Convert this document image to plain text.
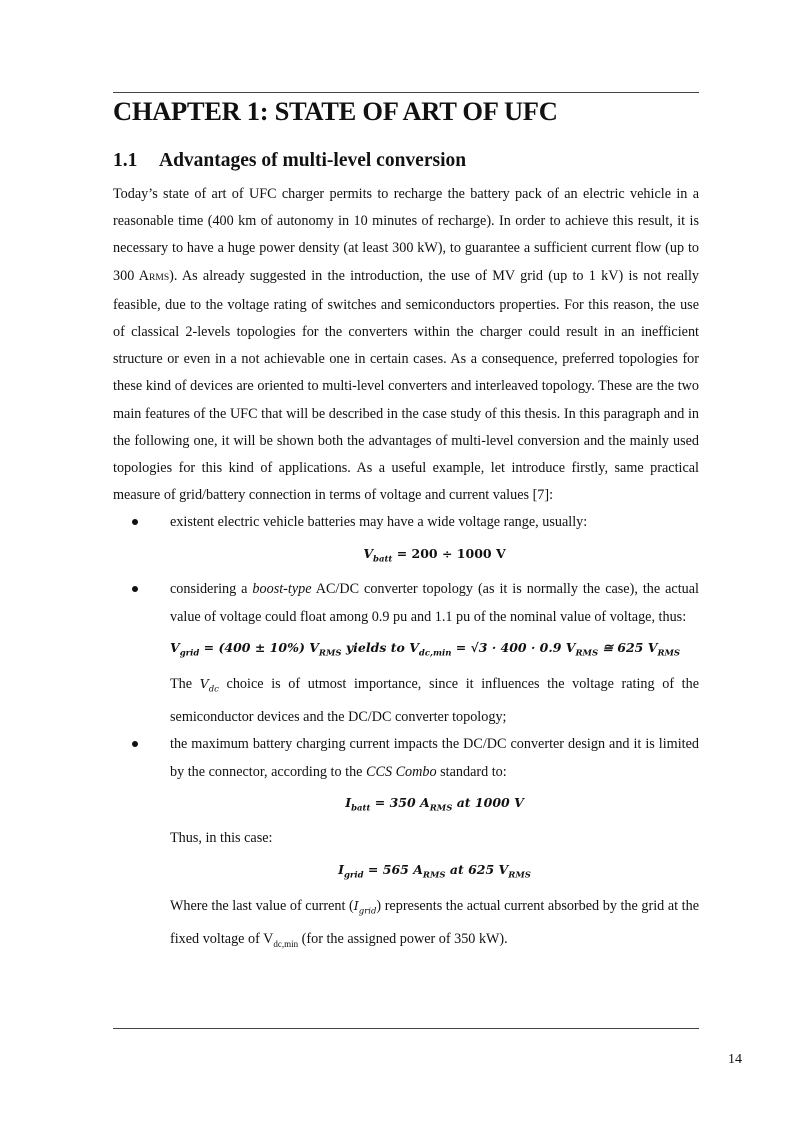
CHAPTER 1: STATE OF ART OF UFC
1.1 Advantages of multi-level conversion

Today’s state of art of UFC charger permits to recharge the battery pack of an electric vehicle in a reasonable time (400 km of autonomy in 10 minutes of recharge). In order to achieve this result, it is necessary to have a huge power density (at least 300 kW), to guarantee a sufficient current flow (up to 300 ARMS). As already suggested in the introduction, the use of MV grid (up to 1 kV) is not really feasible, due to the voltage rating of switches and semiconductors properties. For this reason, the use of classical 2-levels topologies for the converters within the charger could result in an inefficient structure or even in a not achievable one in certain cases. As a consequence, preferred topologies for these kind of devices are oriented to multi-level converters and interleaved topology. These are the two main features of the UFC that will be described in the case study of this thesis. In this paragraph and in the following one, it will be shown both the advantages of multi-level conversion and the mainly used topologies for this kind of applications. As a useful example, let introduce firstly, same practical measure of grid/battery connection in terms of voltage and current values [7]:

existent electric vehicle batteries may have a wide voltage range, usually:
$V_{batt} = 200 \div 1000$ V
considering a boost-type AC/DC converter topology (as it is normally the case), the actual value of voltage could float among 0.9 pu and 1.1 pu of the nominal value of voltage, thus:
$V_{grid} = (400 \pm 10\%)$ $V_{RMS}$ yields to $V_{dc,min} = √3 \cdot 400 \cdot 0.9$ $V_{RMS}$ ≅ 625 $V_{RMS}$
The $V_{dc}$ choice is of utmost importance, since it influences the voltage rating of the semiconductor devices and the DC/DC converter topology;
the maximum battery charging current impacts the DC/DC converter design and it is limited by the connector, according to the CCS Combo standard to:
$I_{batt} = 350$ $A_{RMS}$ at 1000 V
Thus, in this case:
$I_{grid} = 565$ $A_{RMS}$ at 625 $V_{RMS}$
Where the last value of current $(I_{grid})$ represents the actual current absorbed by the grid at the fixed voltage of $V_{dc,min}$ (for the assigned power of 350 kW).
14
